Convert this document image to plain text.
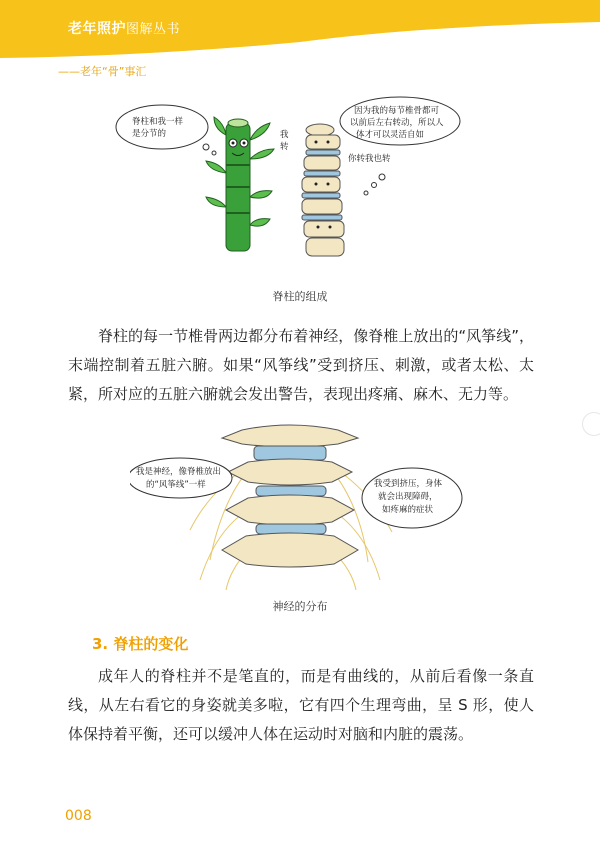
老年照护图解丛书
——老年“骨”事汇
脊柱和我一样
是分节的
因为我的每节椎骨都可
以前后左右转动，所以人
体才可以灵活自如
我
转
你转我也转
脊柱的组成
脊柱的每一节椎骨两边都分布着神经，像脊椎上放出的“风筝线”，末端控制着五脏六腑。如果“风筝线”受到挤压、刺激，或者太松、太紧，所对应的五脏六腑就会发出警告，表现出疼痛、麻木、无力等。
我是神经，像脊椎放出
的“风筝线”一样	我受到挤压，身体
就会出现障碍，
如疼麻的症状
神经的分布
3. 脊柱的变化
成年人的脊柱并不是笔直的，而是有曲线的，从前后看像一条直线，从左右看它的身姿就美多啦，它有四个生理弯曲，呈 S 形，使人体保持着平衡，还可以缓冲人体在运动时对脑和内脏的震荡。
008
